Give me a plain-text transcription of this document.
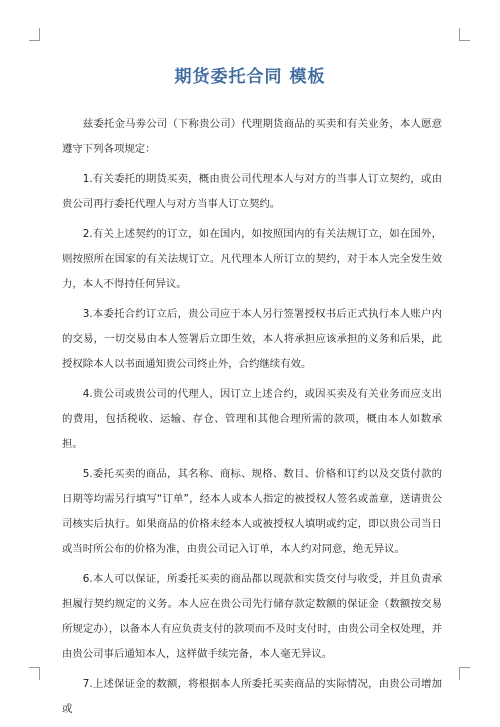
期货委托合同 模板

兹委托金马劵公司（下称贵公司）代理期货商品的买卖和有关业务，本人愿意遵守下列各项规定：

1.有关委托的期货买卖，概由贵公司代理本人与对方的当事人订立契约，或由贵公司再行委托代理人与对方当事人订立契约。

2.有关上述契约的订立，如在国内，如按照国内的有关法规订立，如在国外，则按照所在国家的有关法规订立。凡代理本人所订立的契约，对于本人完全发生效力，本人不得持任何异议。

3.本委托合约订立后，贵公司应于本人另行签署授权书后正式执行本人账户内的交易，一切交易由本人签署后立即生效，本人将承担应该承担的义务和后果，此授权除本人以书面通知贵公司终止外，合约继续有效。

4.贵公司或贵公司的代理人，因订立上述合约，或因买卖及有关业务而应支出的费用，包括税收、运输、存仓、管理和其他合理所需的款项，概由本人如数承担。

5.委托买卖的商品，其名称、商标、规格、数目、价格和订约以及交货付款的日期等均需另行填写“订单”，经本人或本人指定的被授权人签名或盖章，送请贵公司核实后执行。如果商品的价格未经本人或被授权人填明或约定，即以贵公司当日或当时所公布的价格为准，由贵公司记入订单，本人约对同意，绝无异议。

6.本人可以保证，所委托买卖的商品都以现款和实货交付与收受，并且负责承担履行契约规定的义务。本人应在贵公司先行储存款定数额的保证金（数额按交易所规定办），以备本人有应负责支付的款项而不及时支付时，由贵公司全权处理，并由贵公司事后通知本人，这样做手续完备，本人毫无异议。

7.上述保证金的数额，将根据本人所委托买卖商品的实际情况，由贵公司增加或
